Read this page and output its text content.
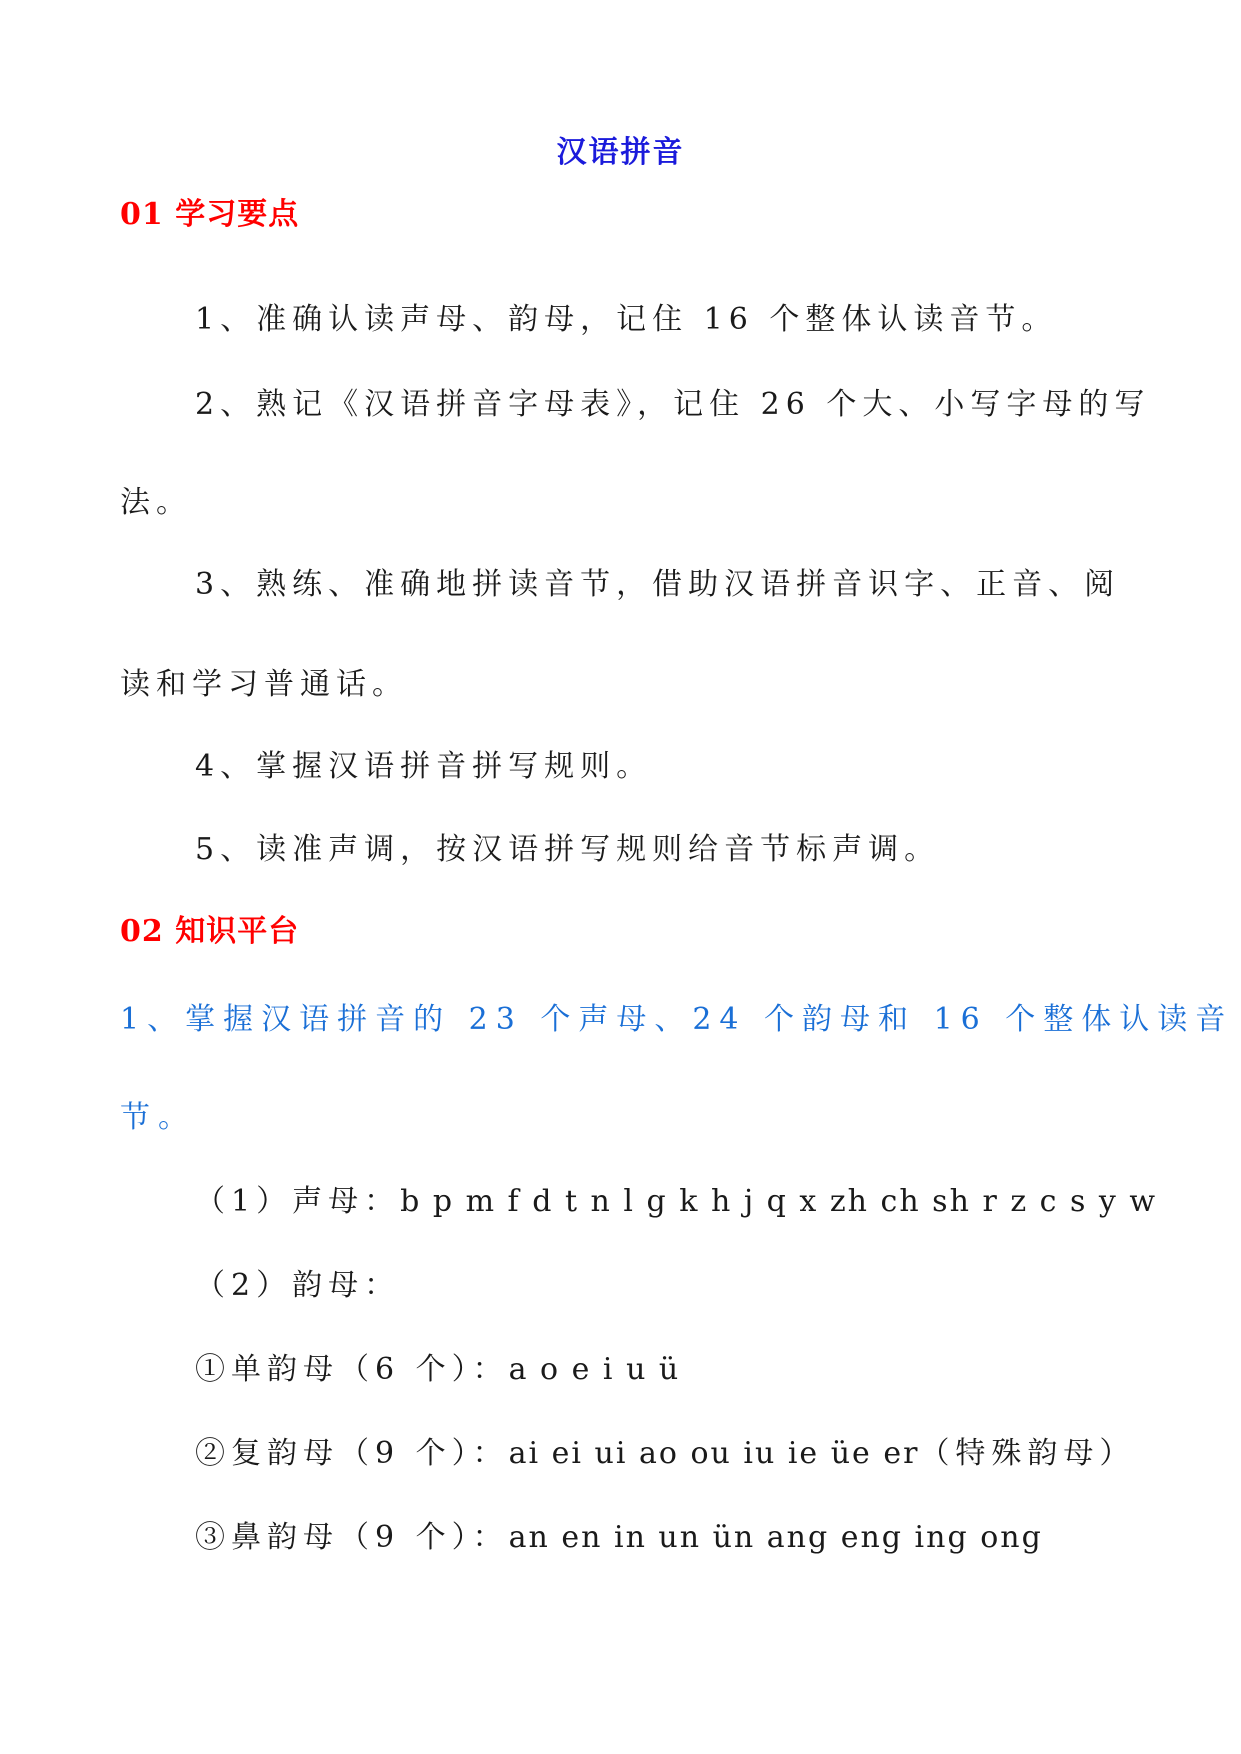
汉语拼音
01 学习要点
1、准确认读声母、韵母，记住 16 个整体认读音节。
2、熟记《汉语拼音字母表》，记住 26 个大、小写字母的写
法。
3、熟练、准确地拼读音节，借助汉语拼音识字、正音、阅
读和学习普通话。
4、掌握汉语拼音拼写规则。
5、读准声调，按汉语拼写规则给音节标声调。
02 知识平台
1、掌握汉语拼音的 23 个声母、24 个韵母和 16 个整体认读音
节。
（1）声母：b p m f d t n l g k h j q x zh ch sh r z c s y w
（2）韵母：
①单韵母（6 个）：a o e i u ü
②复韵母（9 个）：ai ei ui ao ou iu ie üe er（特殊韵母）
③鼻韵母（9 个）：an en in un ün ang eng ing ong
